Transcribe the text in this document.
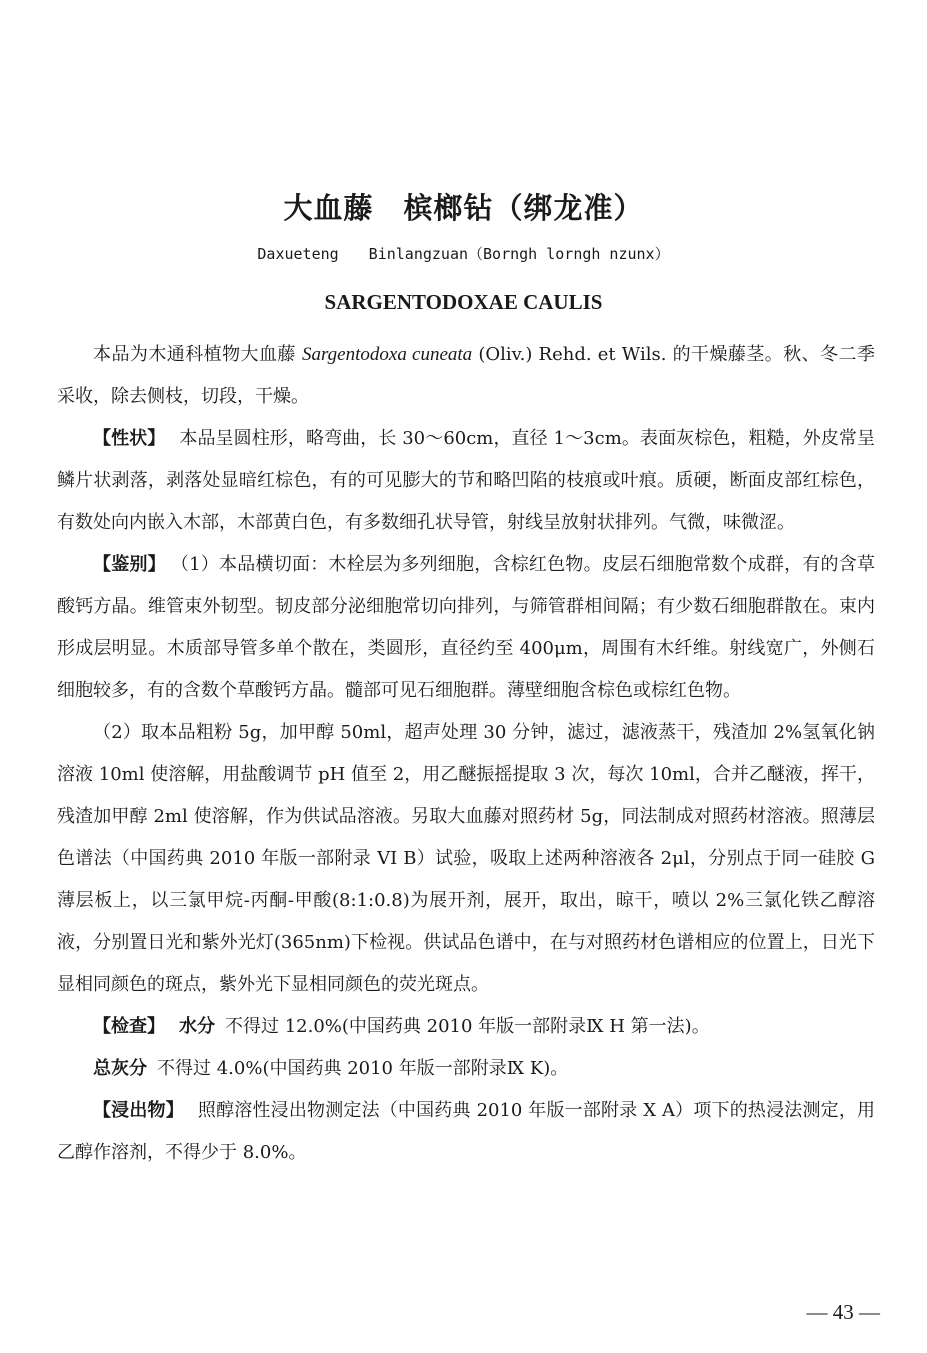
大血藤　槟榔钻（绑龙准）
Daxueteng　　Binlangzuan（Borngh lorngh nzunx）
SARGENTODOXAE CAULIS

本品为木通科植物大血藤 Sargentodoxa cuneata (Oliv.) Rehd. et Wils. 的干燥藤茎。秋、冬二季采收，除去侧枝，切段，干燥。

【性状】 本品呈圆柱形，略弯曲，长 30～60cm，直径 1～3cm。表面灰棕色，粗糙，外皮常呈鳞片状剥落，剥落处显暗红棕色，有的可见膨大的节和略凹陷的枝痕或叶痕。质硬，断面皮部红棕色，有数处向内嵌入木部，木部黄白色，有多数细孔状导管，射线呈放射状排列。气微，味微涩。

【鉴别】 （1）本品横切面：木栓层为多列细胞，含棕红色物。皮层石细胞常数个成群，有的含草酸钙方晶。维管束外韧型。韧皮部分泌细胞常切向排列，与筛管群相间隔；有少数石细胞群散在。束内形成层明显。木质部导管多单个散在，类圆形，直径约至 400μm，周围有木纤维。射线宽广，外侧石细胞较多，有的含数个草酸钙方晶。髓部可见石细胞群。薄壁细胞含棕色或棕红色物。

（2）取本品粗粉 5g，加甲醇 50ml，超声处理 30 分钟，滤过，滤液蒸干，残渣加 2%氢氧化钠溶液 10ml 使溶解，用盐酸调节 pH 值至 2，用乙醚振摇提取 3 次，每次 10ml，合并乙醚液，挥干，残渣加甲醇 2ml 使溶解，作为供试品溶液。另取大血藤对照药材 5g，同法制成对照药材溶液。照薄层色谱法（中国药典 2010 年版一部附录 VI B）试验，吸取上述两种溶液各 2μl，分别点于同一硅胶 G 薄层板上，以三氯甲烷-丙酮-甲酸(8:1:0.8)为展开剂，展开，取出，晾干，喷以 2%三氯化铁乙醇溶液，分别置日光和紫外光灯(365nm)下检视。供试品色谱中，在与对照药材色谱相应的位置上，日光下显相同颜色的斑点，紫外光下显相同颜色的荧光斑点。

【检查】 水分 不得过 12.0%(中国药典 2010 年版一部附录Ⅸ H 第一法)。

总灰分 不得过 4.0%(中国药典 2010 年版一部附录Ⅸ K)。

【浸出物】 照醇溶性浸出物测定法（中国药典 2010 年版一部附录 X A）项下的热浸法测定，用乙醇作溶剂，不得少于 8.0%。

— 43 —
